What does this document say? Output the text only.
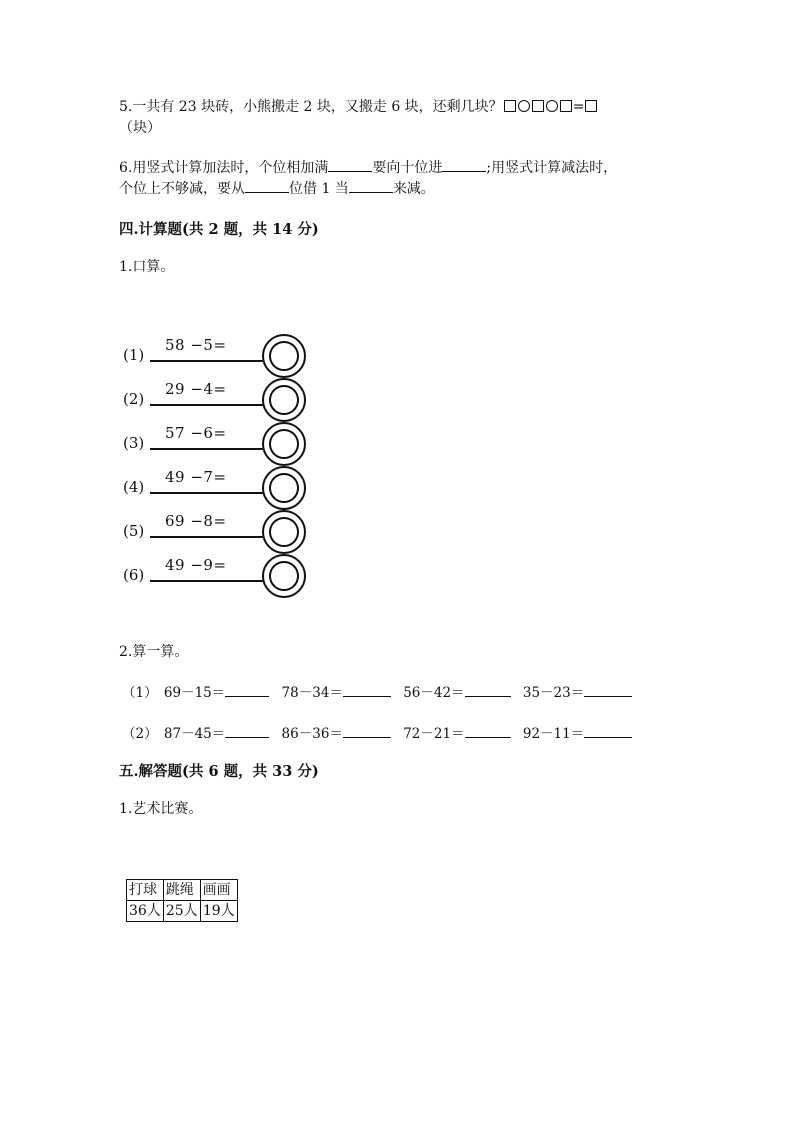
5.一共有 23 块砖，小熊搬走 2 块，又搬走 6 块，还剩几块？	=
（块）
6.用竖式计算加法时，个位相加满	要向十位进	;用竖式计算减法时，
个位上不够减，要从	位借 1 当	来减。
四.计算题(共 2 题，共 14 分)
1.口算。
(1)
58 −5=
(2)
29 −4=
(3)
57 −6=
(4)
49 −7=
(5)
69 −8=
(6)
49 −9=
2.算一算。
（1） 69－15＝	78－34＝	56－42＝	35－23＝
（2） 87－45＝	86－36＝	72－21＝	92－11＝
五.解答题(共 6 题，共 33 分)
1.艺术比赛。
打球	跳绳	画画
36人	25人	19人
